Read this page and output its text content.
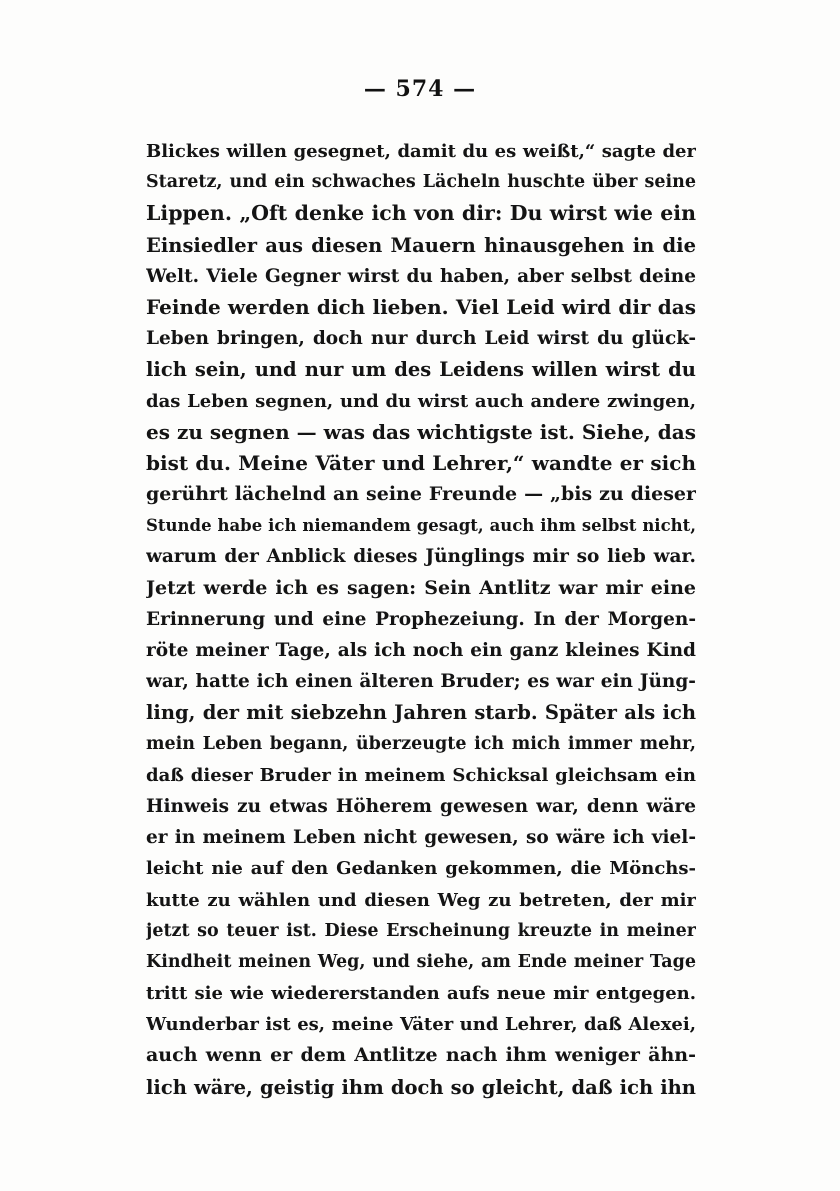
— 574 —
Blickes willen gesegnet, damit du es weißt,“ sagte der
Staretz, und ein schwaches Lächeln huschte über seine
Lippen. „Oft denke ich von dir: Du wirst wie ein
Einsiedler aus diesen Mauern hinausgehen in die
Welt. Viele Gegner wirst du haben, aber selbst deine
Feinde werden dich lieben. Viel Leid wird dir das
Leben bringen, doch nur durch Leid wirst du glück-
lich sein, und nur um des Leidens willen wirst du
das Leben segnen, und du wirst auch andere zwingen,
es zu segnen — was das wichtigste ist. Siehe, das
bist du. Meine Väter und Lehrer,“ wandte er sich
gerührt lächelnd an seine Freunde — „bis zu dieser
Stunde habe ich niemandem gesagt, auch ihm selbst nicht,
warum der Anblick dieses Jünglings mir so lieb war.
Jetzt werde ich es sagen: Sein Antlitz war mir eine
Erinnerung und eine Prophezeiung. In der Morgen-
röte meiner Tage, als ich noch ein ganz kleines Kind
war, hatte ich einen älteren Bruder; es war ein Jüng-
ling, der mit siebzehn Jahren starb. Später als ich
mein Leben begann, überzeugte ich mich immer mehr,
daß dieser Bruder in meinem Schicksal gleichsam ein
Hinweis zu etwas Höherem gewesen war, denn wäre
er in meinem Leben nicht gewesen, so wäre ich viel-
leicht nie auf den Gedanken gekommen, die Mönchs-
kutte zu wählen und diesen Weg zu betreten, der mir
jetzt so teuer ist. Diese Erscheinung kreuzte in meiner
Kindheit meinen Weg, und siehe, am Ende meiner Tage
tritt sie wie wiedererstanden aufs neue mir entgegen.
Wunderbar ist es, meine Väter und Lehrer, daß Alexei,
auch wenn er dem Antlitze nach ihm weniger ähn-
lich wäre, geistig ihm doch so gleicht, daß ich ihn
